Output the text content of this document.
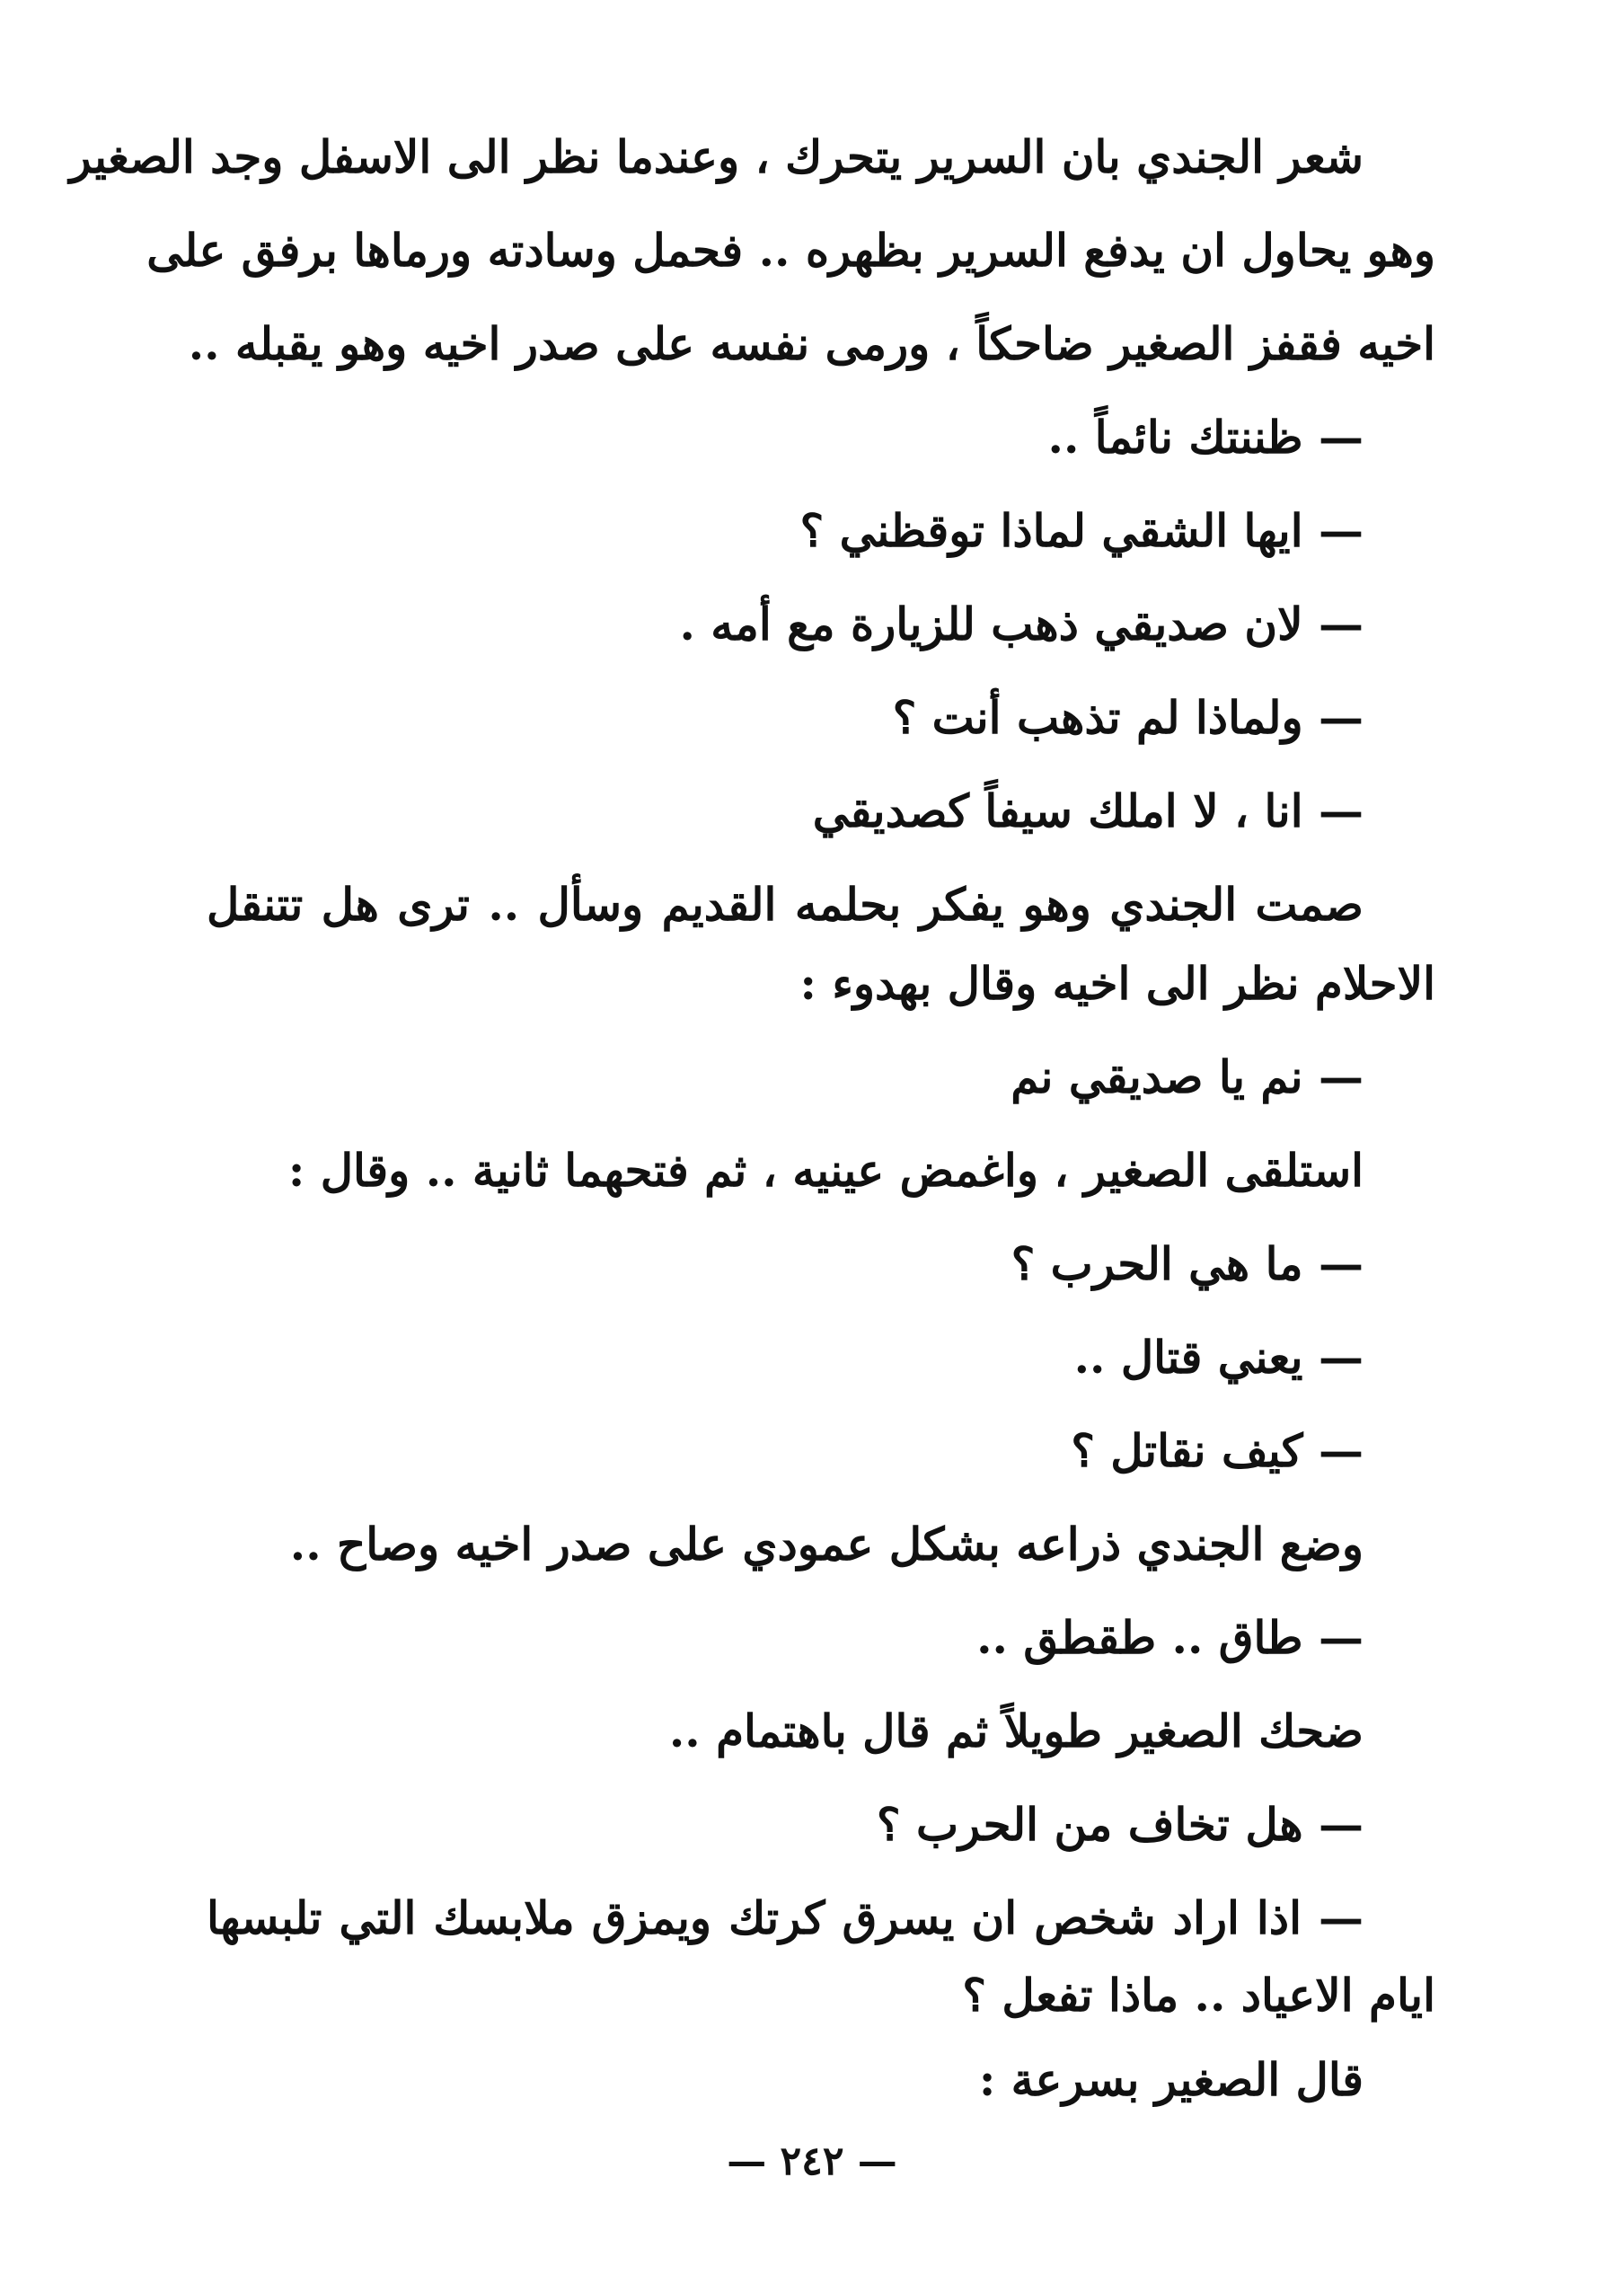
شعر الجندي بان السرير يتحرك ، وعندما نظر الى الاسفل وجد الصغير
وهو يحاول ان يدفع السرير بظهره .. فحمل وسادته ورماها برفق على
اخيه فقفز الصغير ضاحكاً ، ورمى نفسه على صدر اخيه وهو يقبله ..
— ظننتك نائماً ..
— ايها الشقي لماذا توقظني ؟
— لان صديقي ذهب للزيارة مع أمه .
— ولماذا لم تذهب أنت ؟
— انا ، لا املك سيفاً كصديقي
صمت الجندي وهو يفكر بحلمه القديم وسأل .. ترى هل تتنقل
الاحلام نظر الى اخيه وقال بهدوء :
— نم يا صديقي نم
استلقى الصغير ، واغمض عينيه ، ثم فتحهما ثانية .. وقال :
— ما هي الحرب ؟
— يعني قتال ..
— كيف نقاتل ؟
وضع الجندي ذراعه بشكل عمودي على صدر اخيه وصاح ..
— طاق .. طقطق ..
ضحك الصغير طويلاً ثم قال باهتمام ..
— هل تخاف من الحرب ؟
— اذا اراد شخص ان يسرق كرتك ويمزق ملابسك التي تلبسها
ايام الاعياد .. ماذا تفعل ؟
قال الصغير بسرعة :
— ٢٤٢ —
